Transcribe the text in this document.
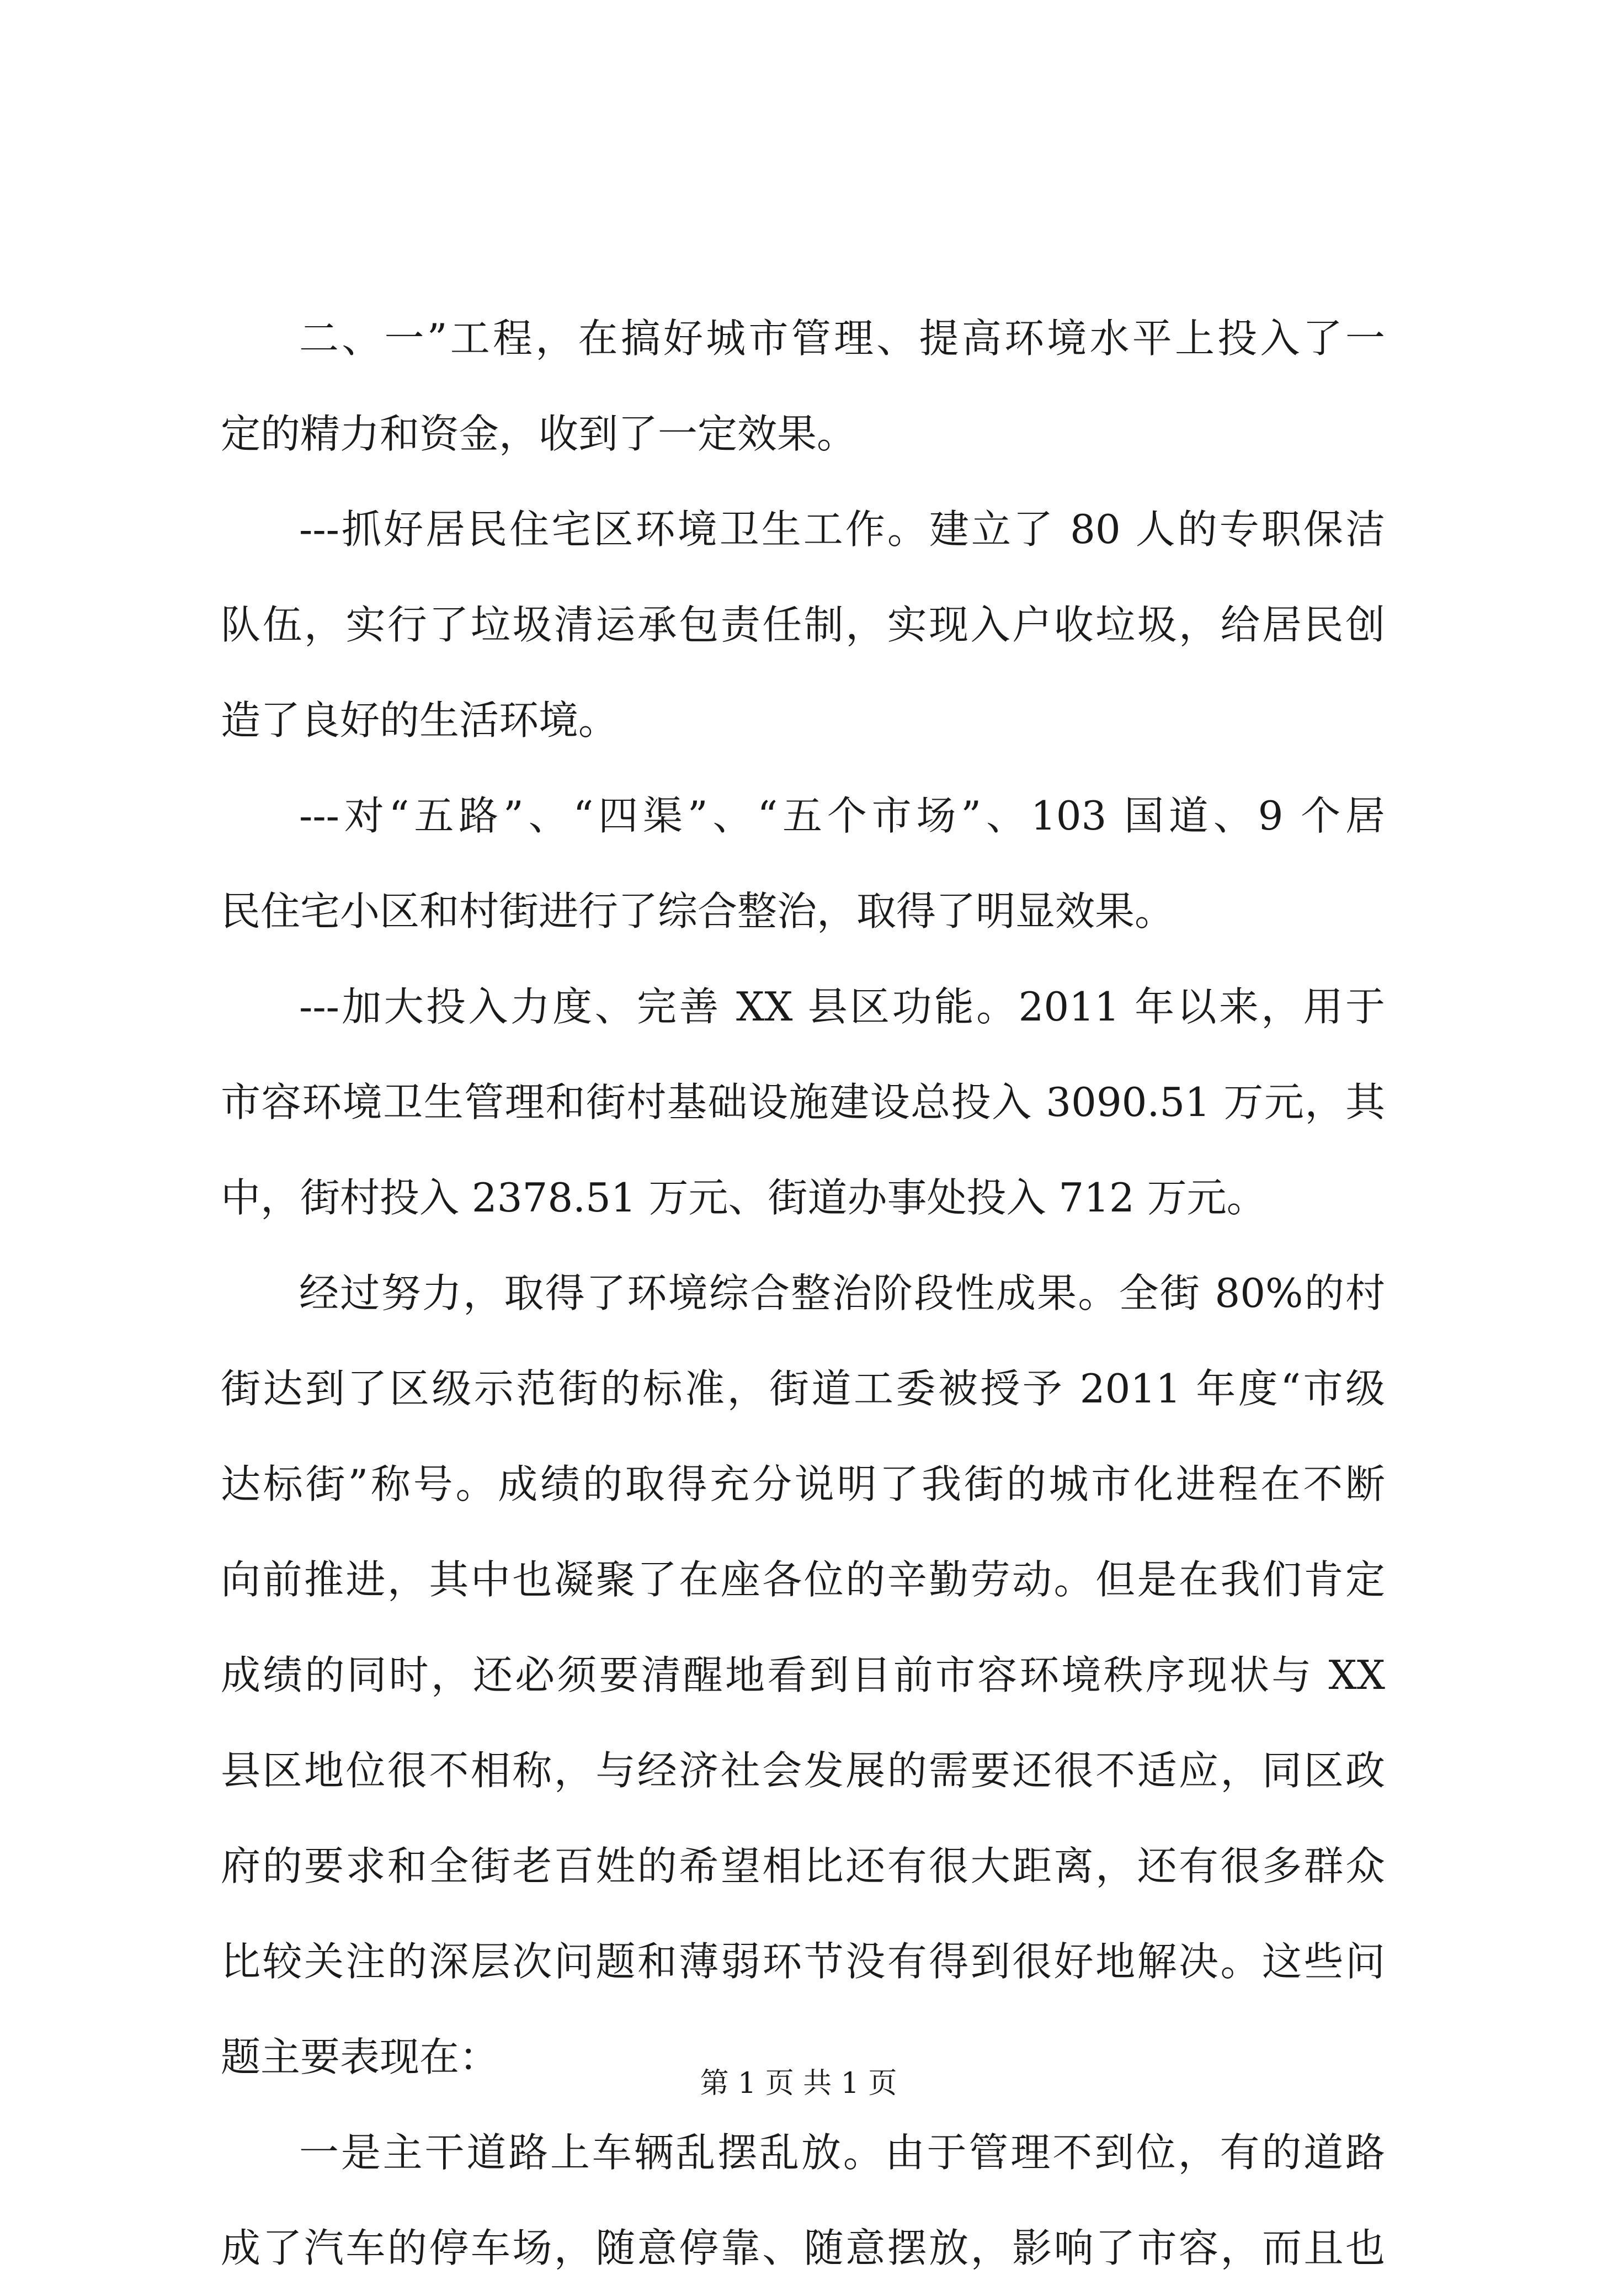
二、一”工程，在搞好城市管理、提高环境水平上投入了一
定的精力和资金，收到了一定效果。
---抓好居民住宅区环境卫生工作。建立了 80 人的专职保洁
队伍，实行了垃圾清运承包责任制，实现入户收垃圾，给居民创
造了良好的生活环境。
---对“五路”、“四渠”、“五个市场”、103 国道、9 个居
民住宅小区和村街进行了综合整治，取得了明显效果。
---加大投入力度、完善 XX 县区功能。2011 年以来，用于
市容环境卫生管理和街村基础设施建设总投入 3090.51 万元，其
中，街村投入 2378.51 万元、街道办事处投入 712 万元。
经过努力，取得了环境综合整治阶段性成果。全街 80%的村
街达到了区级示范街的标准，街道工委被授予 2011 年度“市级
达标街”称号。成绩的取得充分说明了我街的城市化进程在不断
向前推进，其中也凝聚了在座各位的辛勤劳动。但是在我们肯定
成绩的同时，还必须要清醒地看到目前市容环境秩序现状与 XX
县区地位很不相称，与经济社会发展的需要还很不适应，同区政
府的要求和全街老百姓的希望相比还有很大距离，还有很多群众
比较关注的深层次问题和薄弱环节没有得到很好地解决。这些问
题主要表现在：
一是主干道路上车辆乱摆乱放。由于管理不到位，有的道路
成了汽车的停车场，随意停靠、随意摆放，影响了市容，而且也
第 1 页 共 1 页
